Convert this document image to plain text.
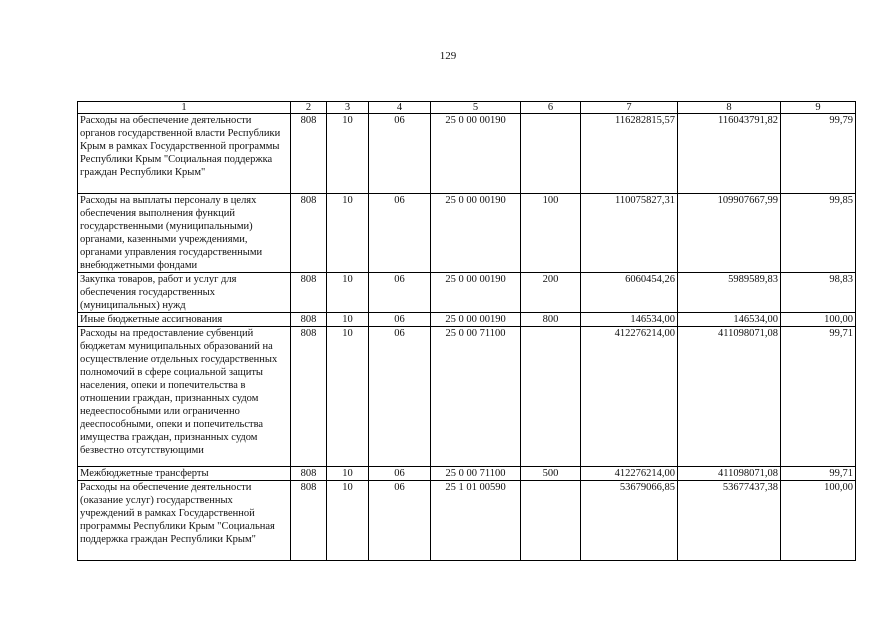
129
1	2	3	4	5	6	7	8	9
Расходы на обеспечение деятельности органов государственной власти Республики Крым в рамках Государственной программы Республики Крым "Социальная поддержка граждан Республики Крым"	808	10	06	25 0 00 00190		116282815,57	116043791,82	99,79
Расходы на выплаты персоналу в целях обеспечения выполнения функций государственными (муниципальными) органами, казенными учреждениями, органами управления государственными внебюджетными фондами	808	10	06	25 0 00 00190	100	110075827,31	109907667,99	99,85
Закупка товаров, работ и услуг для обеспечения государственных (муниципальных) нужд	808	10	06	25 0 00 00190	200	6060454,26	5989589,83	98,83
Иные бюджетные ассигнования	808	10	06	25 0 00 00190	800	146534,00	146534,00	100,00
Расходы на предоставление субвенций бюджетам муниципальных образований на осуществление отдельных государственных полномочий в сфере социальной защиты населения, опеки и попечительства в отношении граждан, признанных судом недееспособными или ограниченно дееспособными, опеки и попечительства имущества граждан, признанных судом безвестно отсутствующими	808	10	06	25 0 00 71100		412276214,00	411098071,08	99,71
Межбюджетные трансферты	808	10	06	25 0 00 71100	500	412276214,00	411098071,08	99,71
Расходы на обеспечение деятельности (оказание услуг) государственных учреждений в рамках Государственной программы Республики Крым "Социальная поддержка граждан Республики Крым"	808	10	06	25 1 01 00590		53679066,85	53677437,38	100,00
